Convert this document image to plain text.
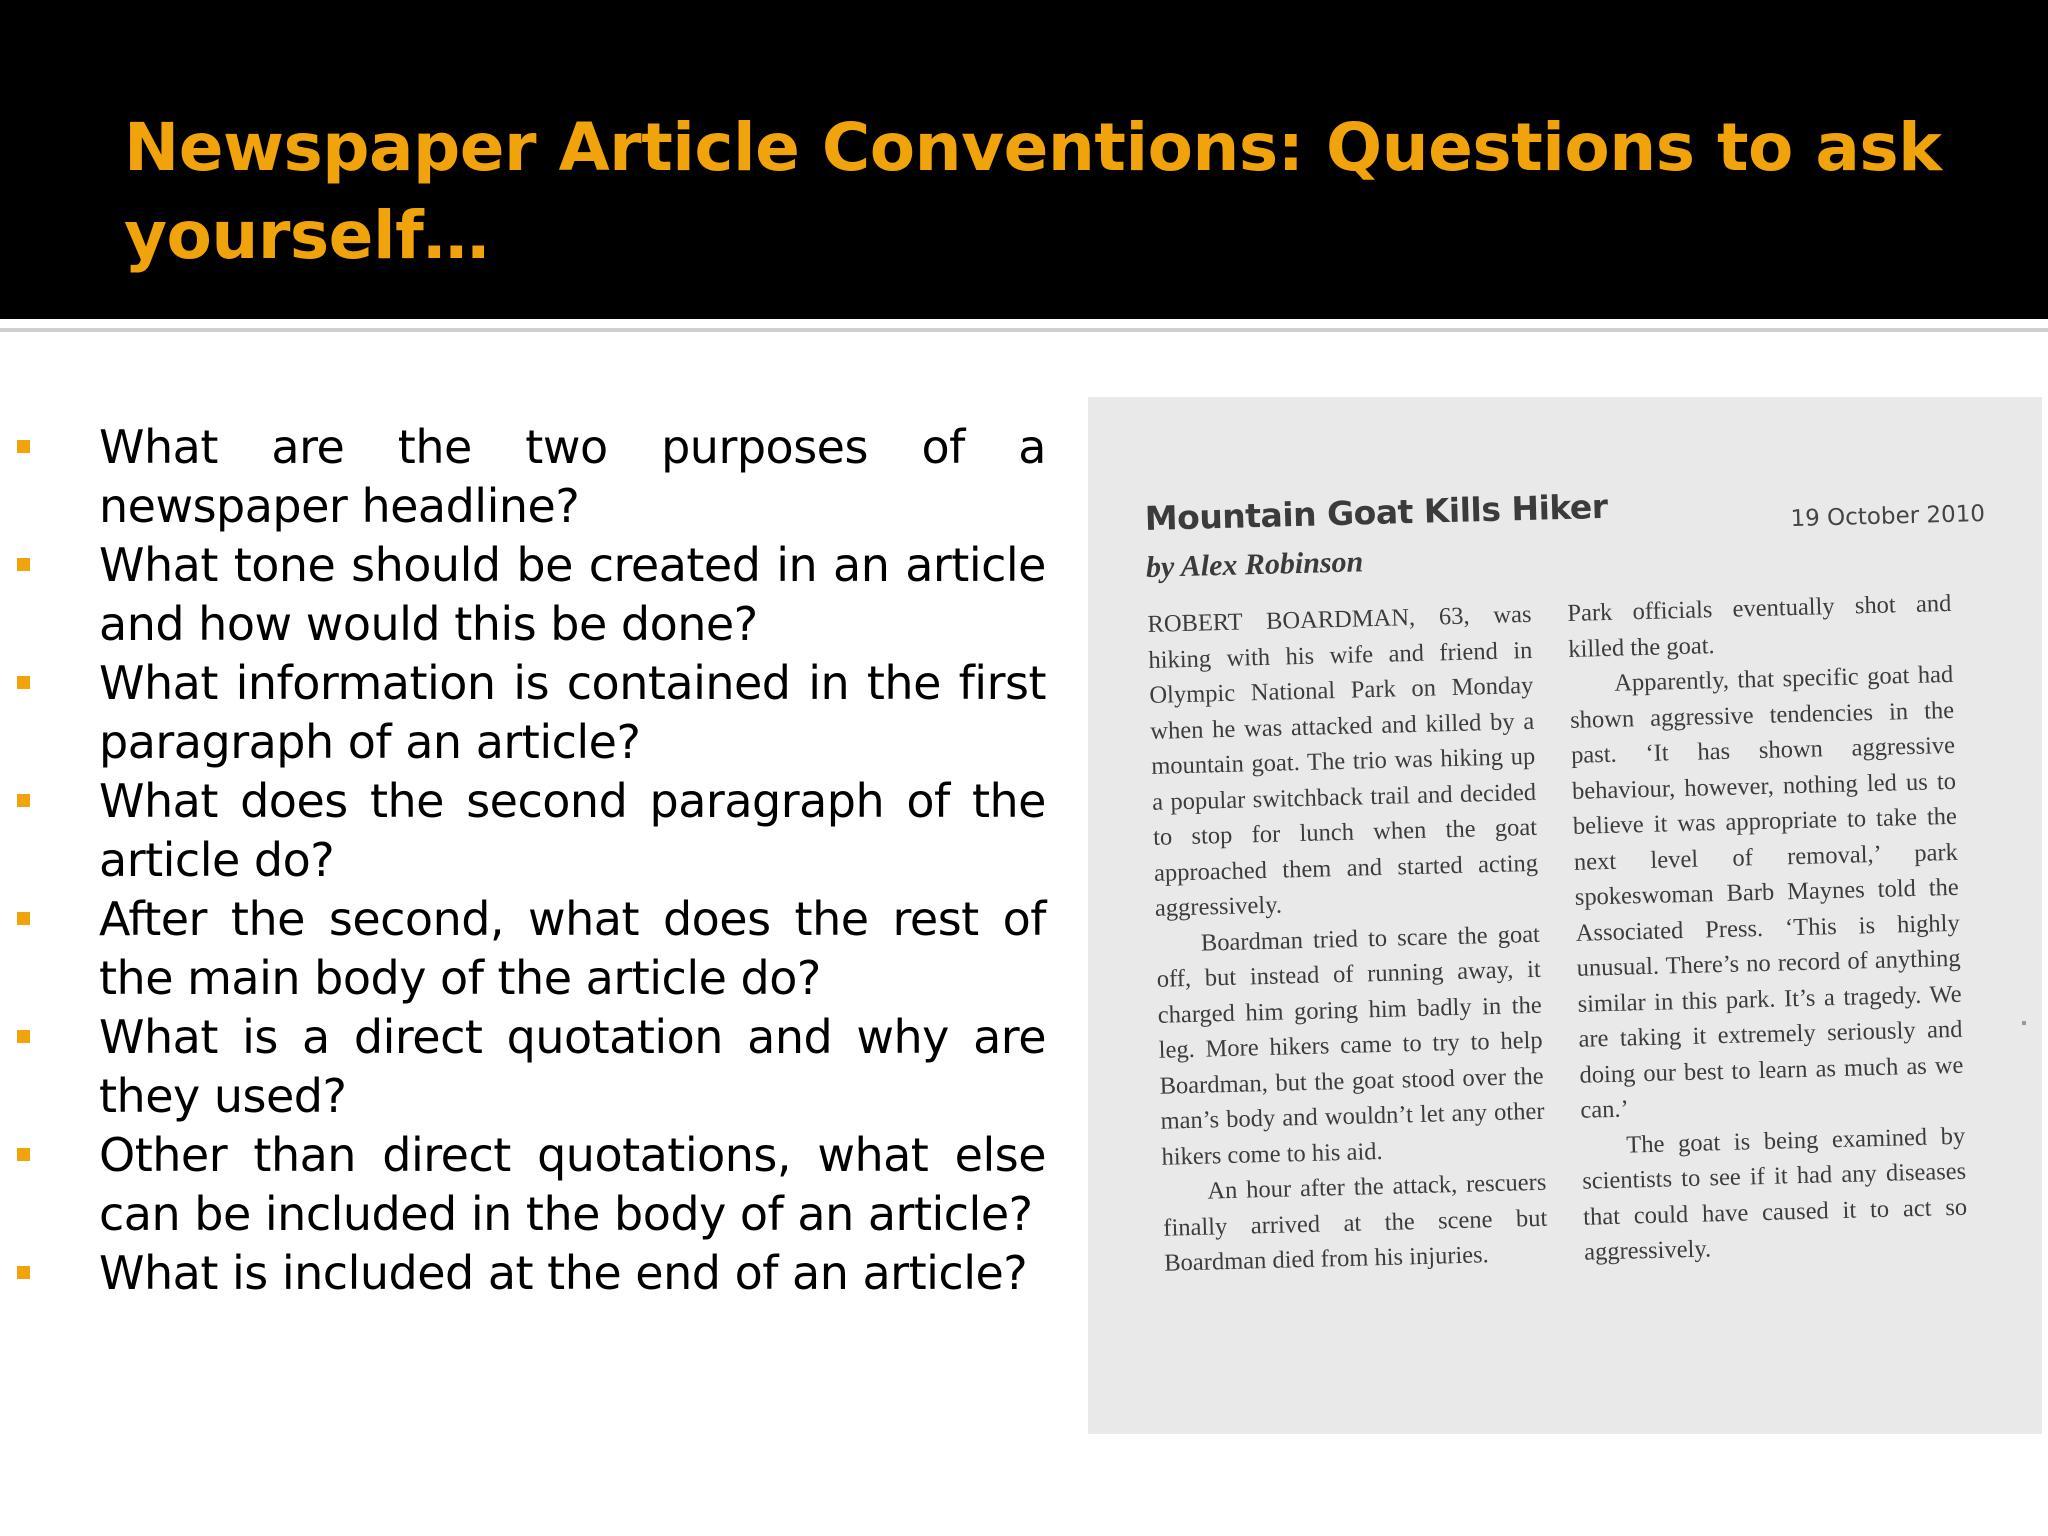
Newspaper Article Conventions: Questions to ask yourself…
What are the two purposes of a newspaper headline?
What tone should be created in an article and how would this be done?
What information is contained in the first paragraph of an article?
What does the second paragraph of the article do?
After the second, what does the rest of the main body of the article do?
What is a direct quotation and why are they used?
Other than direct quotations, what else can be included in the body of an article?
What is included at the end of an article?
Mountain Goat Kills Hiker	19 October 2010
by Alex Robinson

ROBERT BOARDMAN, 63, was hiking with his wife and friend in Olympic National Park on Monday when he was attacked and killed by a mountain goat. The trio was hiking up a popular switchback trail and decided to stop for lunch when the goat approached them and started acting aggressively.

Boardman tried to scare the goat off, but instead of running away, it charged him goring him badly in the leg. More hikers came to try to help Boardman, but the goat stood over the man’s body and wouldn’t let any other hikers come to his aid.

An hour after the attack, rescuers finally arrived at the scene but Boardman died from his injuries.

Park officials eventually shot and killed the goat.

Apparently, that specific goat had shown aggressive tendencies in the past. ‘It has shown aggressive behaviour, however, nothing led us to believe it was appropriate to take the next level of removal,’ park spokeswoman Barb Maynes told the Associated Press. ‘This is highly unusual. There’s no record of anything similar in this park. It’s a tragedy. We are taking it extremely seriously and doing our best to learn as much as we can.’

The goat is being examined by scientists to see if it had any diseases that could have caused it to act so aggressively.
